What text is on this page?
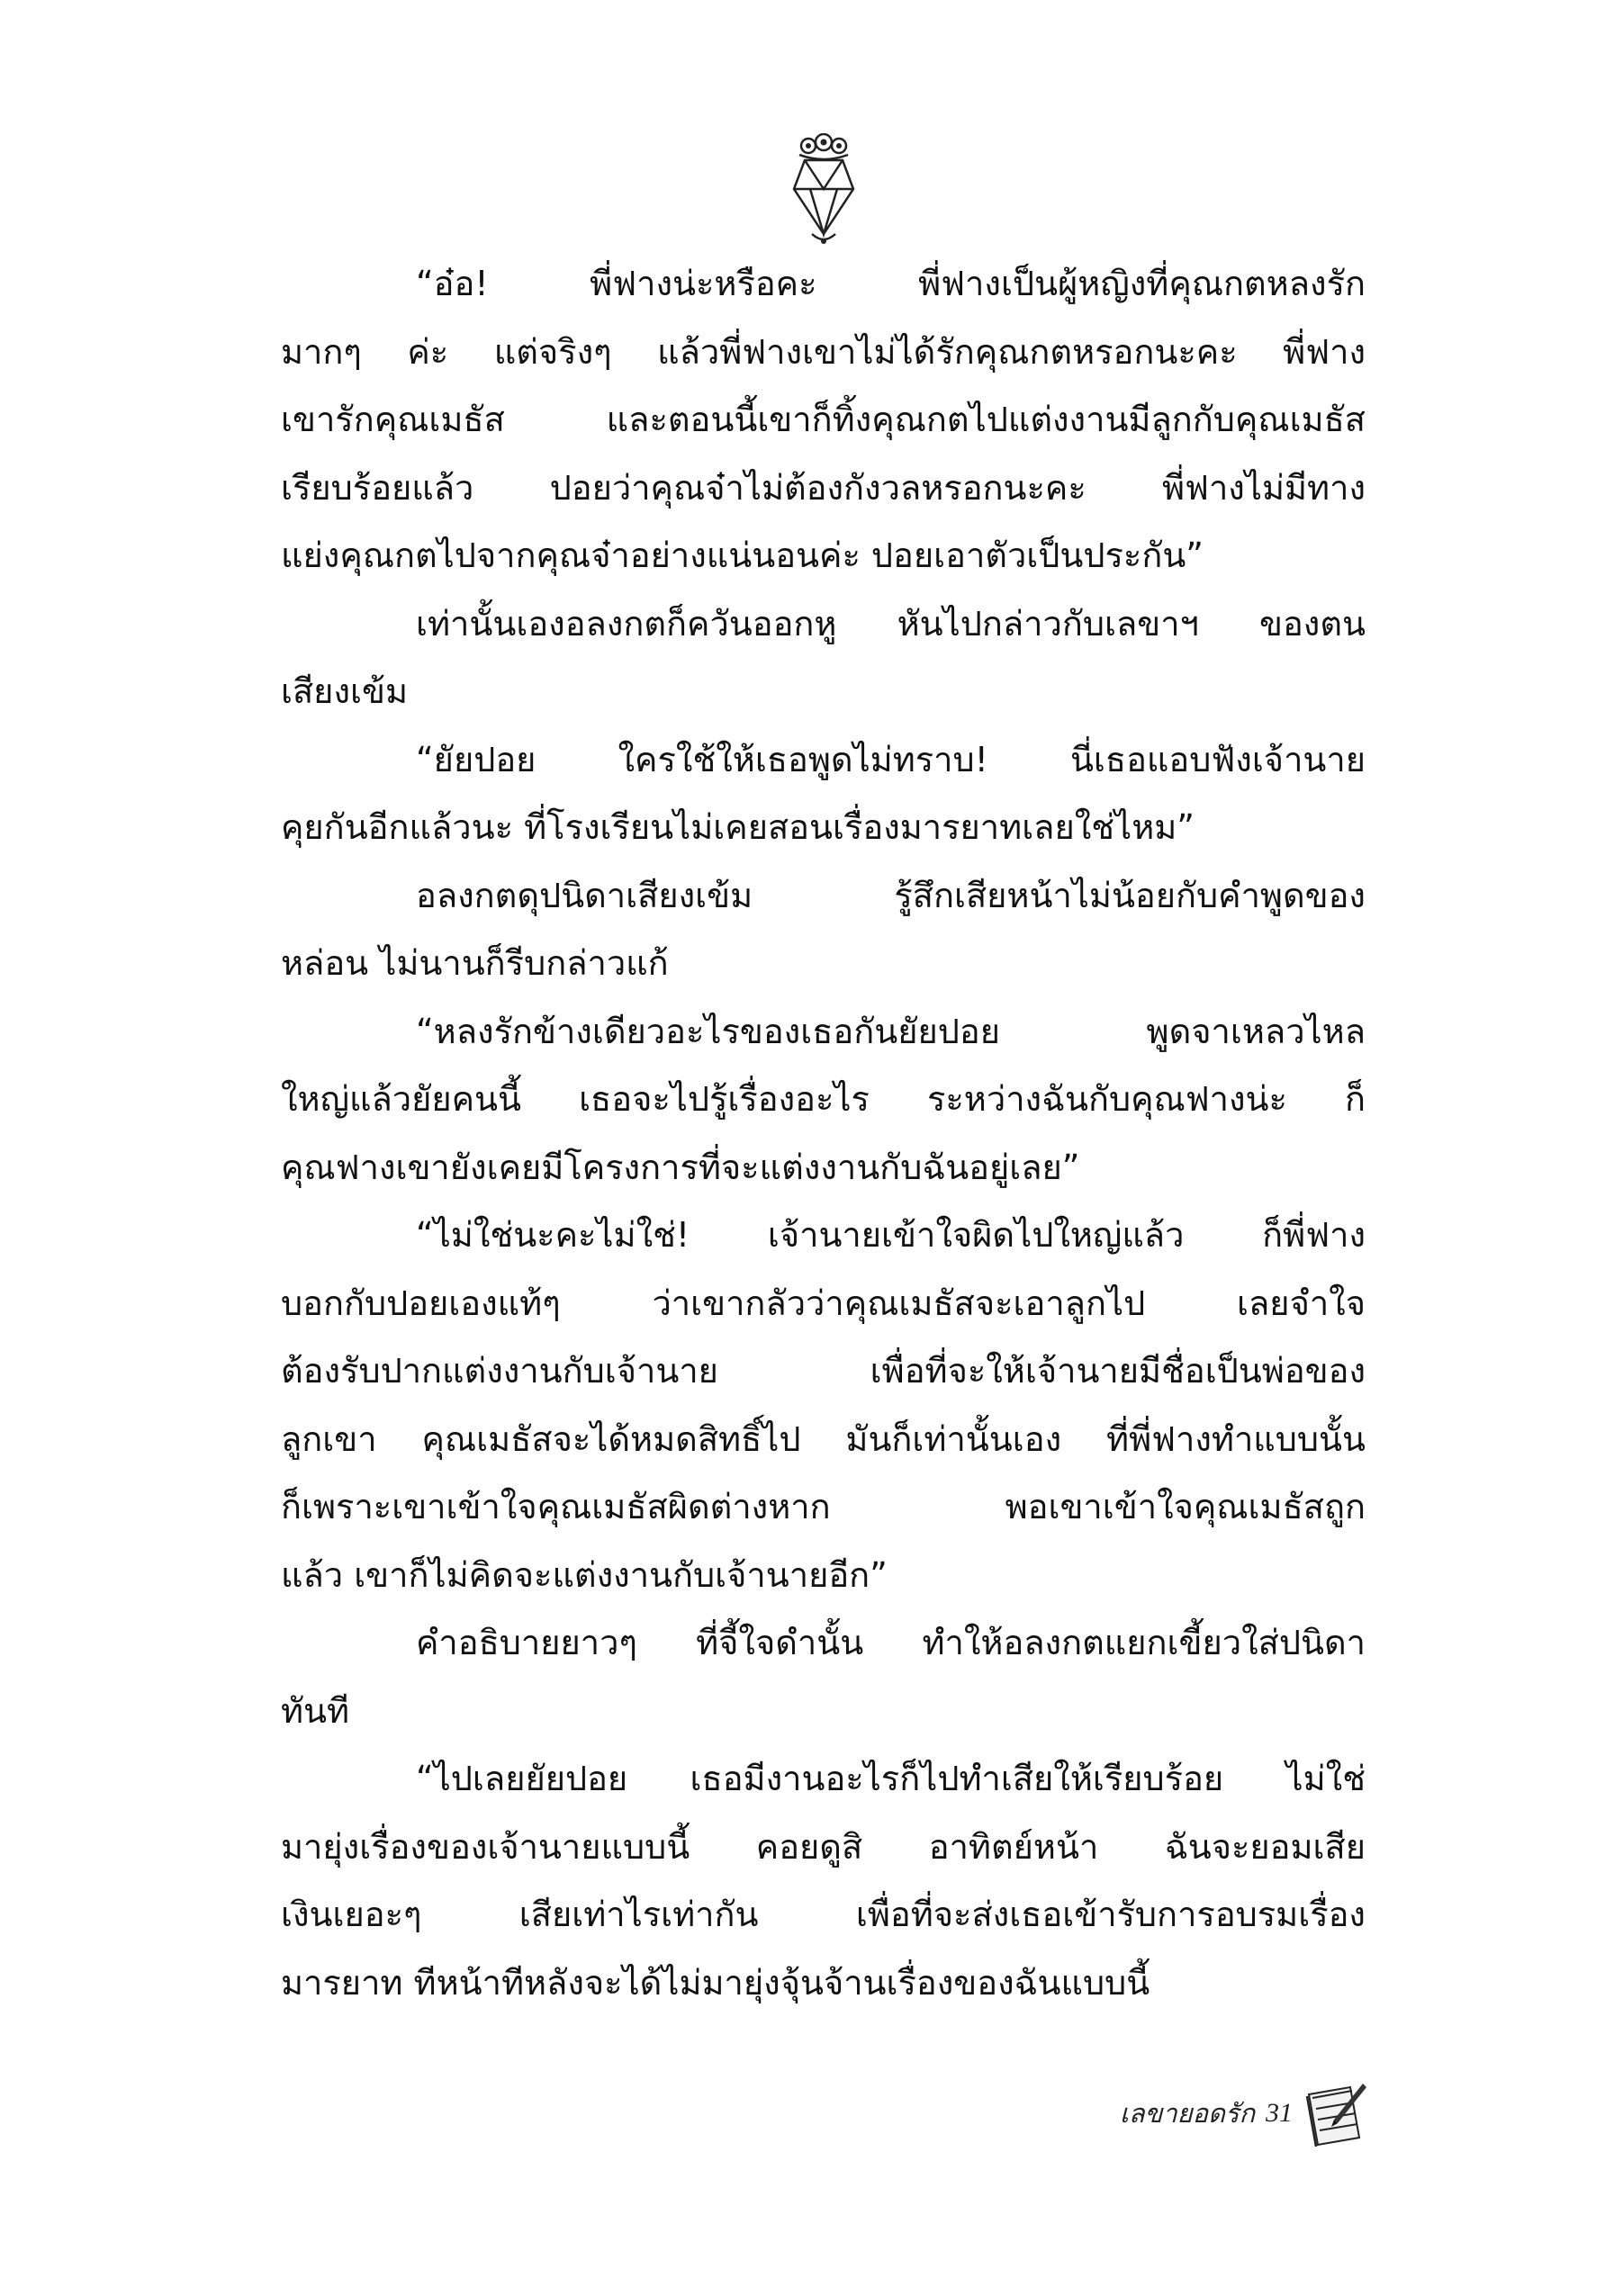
“อ๋อ! พี่ฟางน่ะหรือคะ พี่ฟางเป็นผู้หญิงที่คุณกตหลงรัก
มากๆ ค่ะ แต่จริงๆ แล้วพี่ฟางเขาไม่ได้รักคุณกตหรอกนะคะ พี่ฟาง
เขารักคุณเมธัส และตอนนี้เขาก็ทิ้งคุณกตไปแต่งงานมีลูกกับคุณเมธัส
เรียบร้อยแล้ว ปอยว่าคุณจ๋าไม่ต้องกังวลหรอกนะคะ พี่ฟางไม่มีทาง
แย่งคุณกตไปจากคุณจ๋าอย่างแน่นอนค่ะ ปอยเอาตัวเป็นประกัน”
เท่านั้นเองอลงกตก็ควันออกหู หันไปกล่าวกับเลขาฯ ของตน
เสียงเข้ม
“ยัยปอย ใครใช้ให้เธอพูดไม่ทราบ! นี่เธอแอบฟังเจ้านาย
คุยกันอีกแล้วนะ ที่โรงเรียนไม่เคยสอนเรื่องมารยาทเลยใช่ไหม”
อลงกตดุปนิดาเสียงเข้ม รู้สึกเสียหน้าไม่น้อยกับคำพูดของ
หล่อน ไม่นานก็รีบกล่าวแก้
“หลงรักข้างเดียวอะไรของเธอกันยัยปอย พูดจาเหลวไหล
ใหญ่แล้วยัยคนนี้ เธอจะไปรู้เรื่องอะไร ระหว่างฉันกับคุณฟางน่ะ ก็
คุณฟางเขายังเคยมีโครงการที่จะแต่งงานกับฉันอยู่เลย”
“ไม่ใช่นะคะไม่ใช่! เจ้านายเข้าใจผิดไปใหญ่แล้ว ก็พี่ฟาง
บอกกับปอยเองแท้ๆ ว่าเขากลัวว่าคุณเมธัสจะเอาลูกไป เลยจำใจ
ต้องรับปากแต่งงานกับเจ้านาย เพื่อที่จะให้เจ้านายมีชื่อเป็นพ่อของ
ลูกเขา คุณเมธัสจะได้หมดสิทธิ์ไป มันก็เท่านั้นเอง ที่พี่ฟางทำแบบนั้น
ก็เพราะเขาเข้าใจคุณเมธัสผิดต่างหาก พอเขาเข้าใจคุณเมธัสถูก
แล้ว เขาก็ไม่คิดจะแต่งงานกับเจ้านายอีก”
คำอธิบายยาวๆ ที่จี้ใจดำนั้น ทำให้อลงกตแยกเขี้ยวใส่ปนิดา
ทันที
“ไปเลยยัยปอย เธอมีงานอะไรก็ไปทำเสียให้เรียบร้อย ไม่ใช่
มายุ่งเรื่องของเจ้านายแบบนี้ คอยดูสิ อาทิตย์หน้า ฉันจะยอมเสีย
เงินเยอะๆ เสียเท่าไรเท่ากัน เพื่อที่จะส่งเธอเข้ารับการอบรมเรื่อง
มารยาท ทีหน้าทีหลังจะได้ไม่มายุ่งจุ้นจ้านเรื่องของฉันแบบนี้
เลขายอดรัก 31
